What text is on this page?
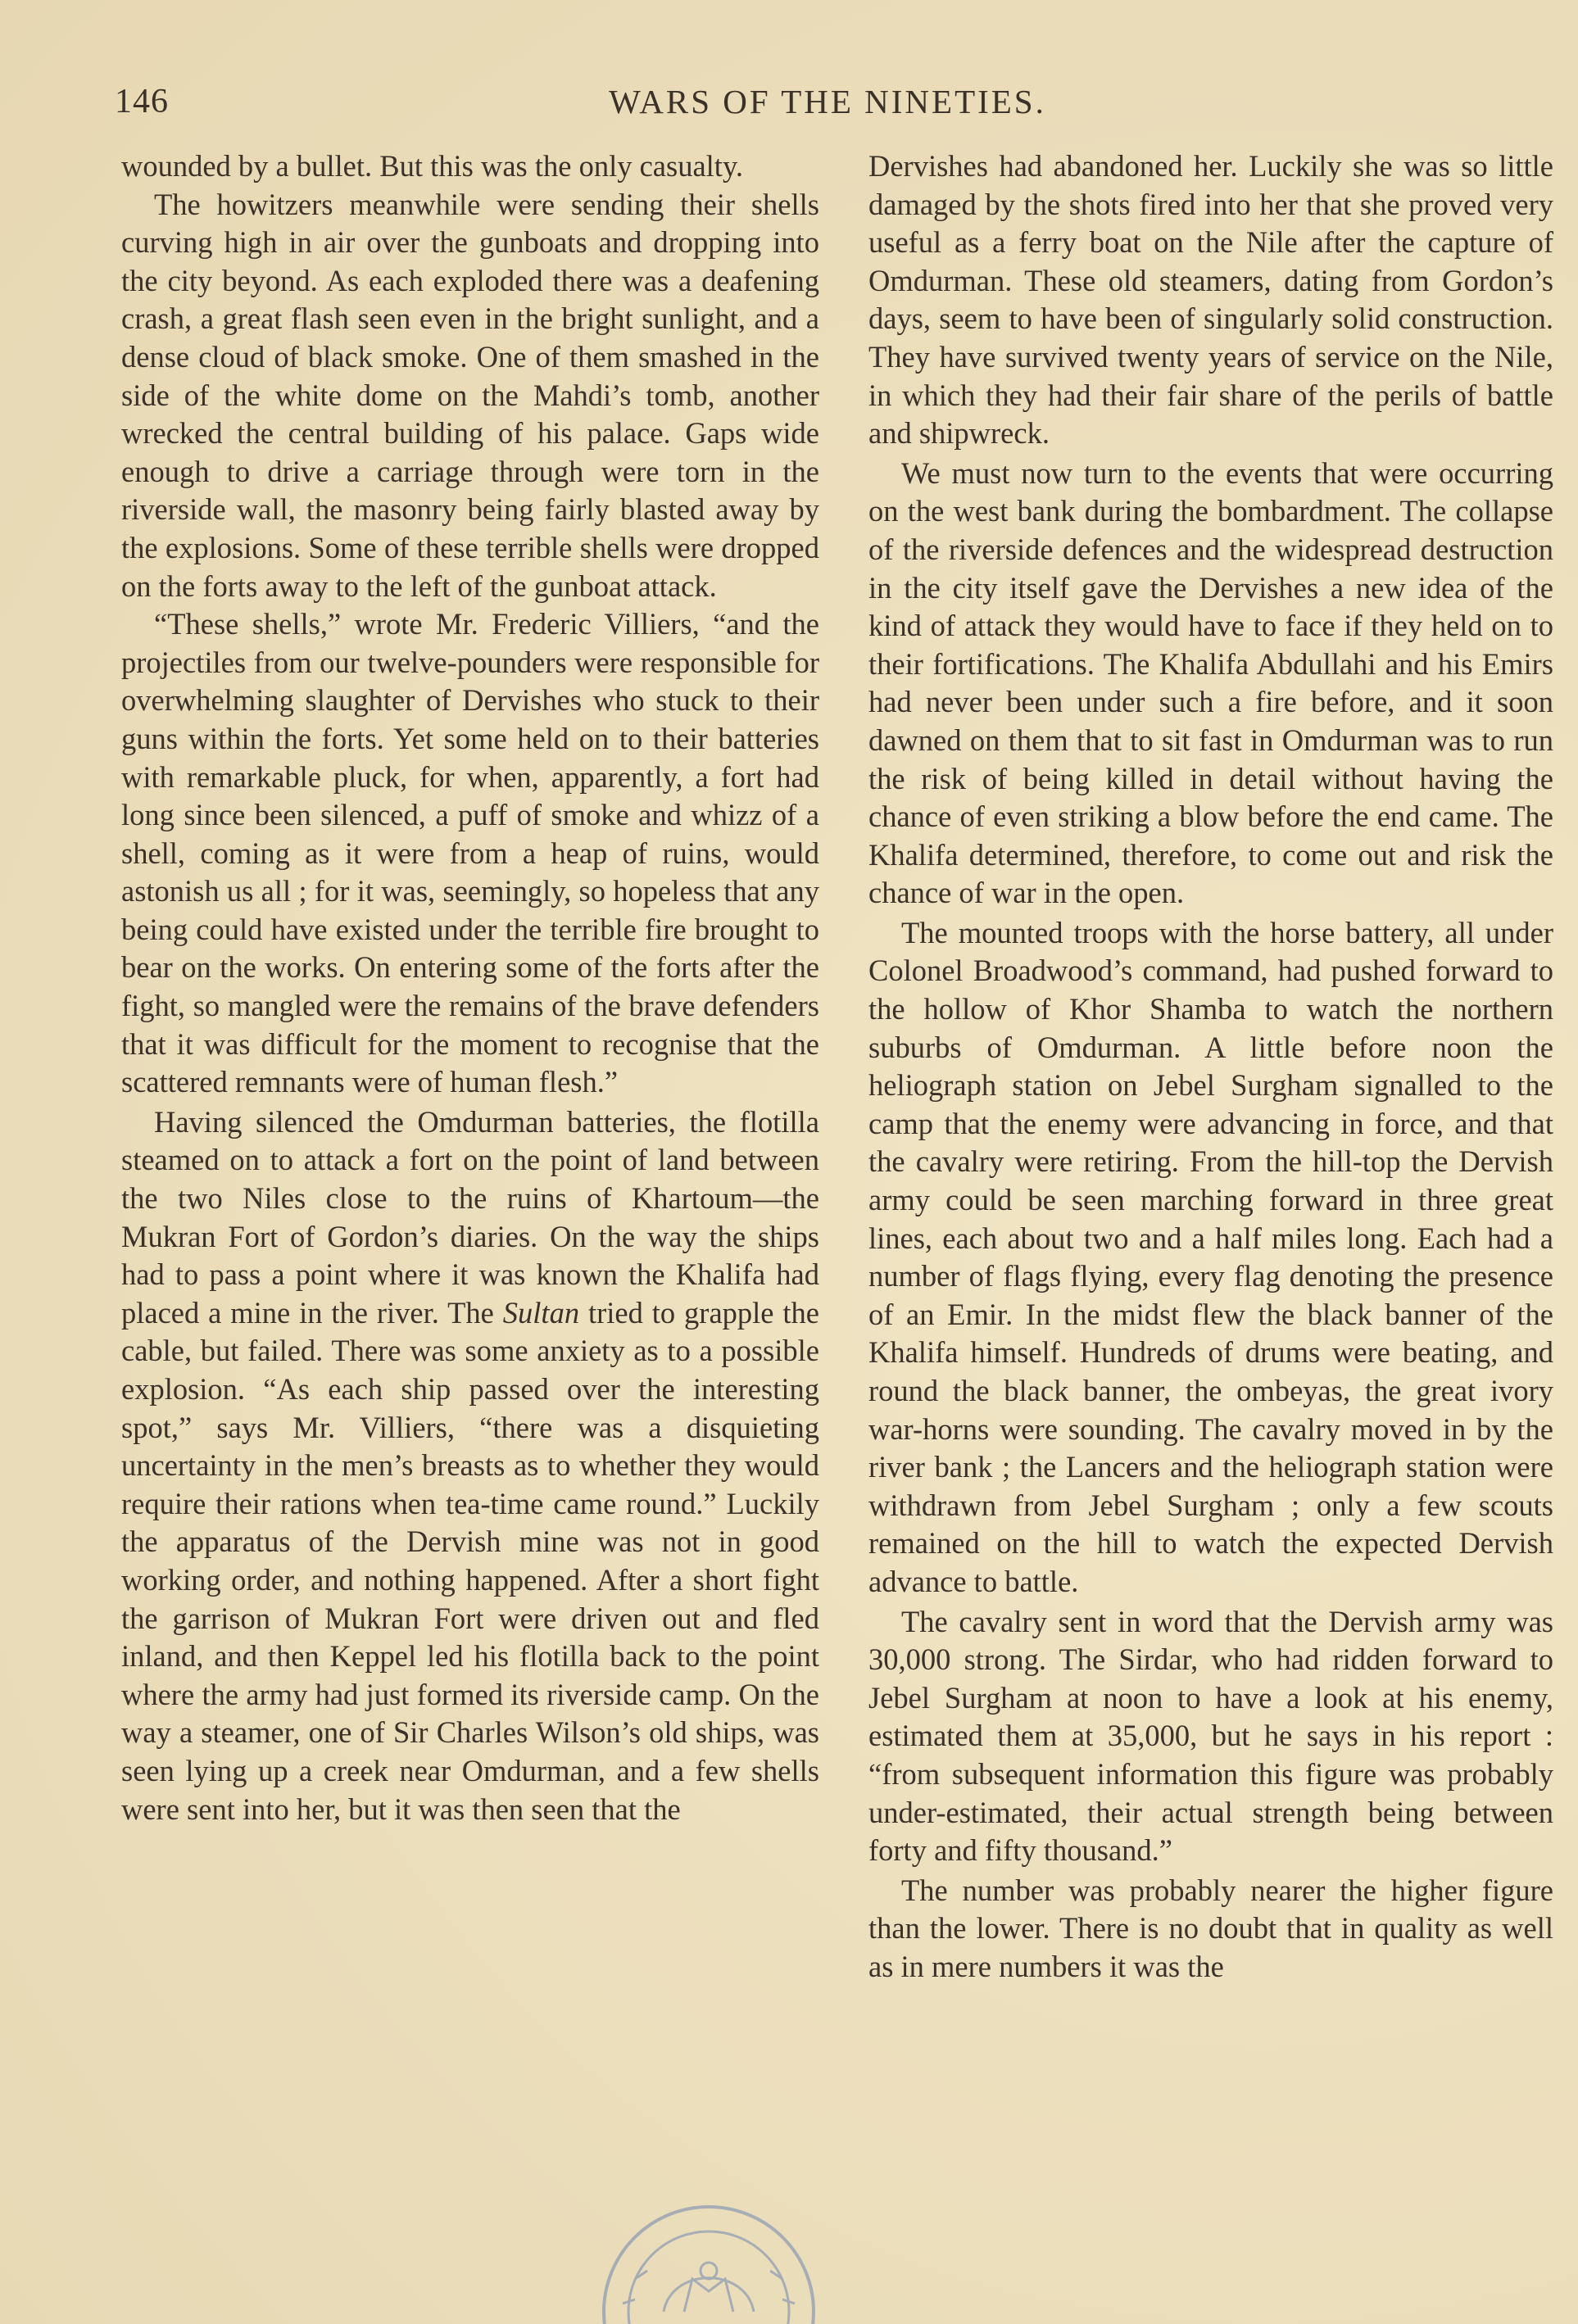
146	WARS OF THE NINETIES.

wounded by a bullet. But this was the only casualty.

The howitzers meanwhile were sending their shells curving high in air over the gunboats and dropping into the city beyond. As each exploded there was a deafening crash, a great flash seen even in the bright sunlight, and a dense cloud of black smoke. One of them smashed in the side of the white dome on the Mahdi’s tomb, another wrecked the central building of his palace. Gaps wide enough to drive a carriage through were torn in the riverside wall, the masonry being fairly blasted away by the explosions. Some of these terrible shells were dropped on the forts away to the left of the gunboat attack.

“These shells,” wrote Mr. Frederic Villiers, “and the projectiles from our twelve-pounders were responsible for overwhelming slaughter of Dervishes who stuck to their guns within the forts. Yet some held on to their batteries with remarkable pluck, for when, apparently, a fort had long since been silenced, a puff of smoke and whizz of a shell, coming as it were from a heap of ruins, would astonish us all ; for it was, seemingly, so hopeless that any being could have existed under the terrible fire brought to bear on the works. On entering some of the forts after the fight, so mangled were the remains of the brave defenders that it was difficult for the moment to recognise that the scattered remnants were of human flesh.”

Having silenced the Omdurman batteries, the flotilla steamed on to attack a fort on the point of land between the two Niles close to the ruins of Khartoum—the Mukran Fort of Gordon’s diaries. On the way the ships had to pass a point where it was known the Khalifa had placed a mine in the river. The Sultan tried to grapple the cable, but failed. There was some anxiety as to a possible explosion. “As each ship passed over the interesting spot,” says Mr. Villiers, “there was a disquieting uncertainty in the men’s breasts as to whether they would require their rations when tea-time came round.” Luckily the apparatus of the Dervish mine was not in good working order, and nothing happened. After a short fight the garrison of Mukran Fort were driven out and fled inland, and then Keppel led his flotilla back to the point where the army had just formed its riverside camp. On the way a steamer, one of Sir Charles Wilson’s old ships, was seen lying up a creek near Omdurman, and a few shells were sent into her, but it was then seen that the

Dervishes had abandoned her. Luckily she was so little damaged by the shots fired into her that she proved very useful as a ferry boat on the Nile after the capture of Omdurman. These old steamers, dating from Gordon’s days, seem to have been of singularly solid construction. They have survived twenty years of service on the Nile, in which they had their fair share of the perils of battle and shipwreck.

We must now turn to the events that were occurring on the west bank during the bombardment. The collapse of the riverside defences and the widespread destruction in the city itself gave the Dervishes a new idea of the kind of attack they would have to face if they held on to their fortifications. The Khalifa Abdullahi and his Emirs had never been under such a fire before, and it soon dawned on them that to sit fast in Omdurman was to run the risk of being killed in detail without having the chance of even striking a blow before the end came. The Khalifa determined, therefore, to come out and risk the chance of war in the open.

The mounted troops with the horse battery, all under Colonel Broadwood’s command, had pushed forward to the hollow of Khor Shamba to watch the northern suburbs of Omdurman. A little before noon the heliograph station on Jebel Surgham signalled to the camp that the enemy were advancing in force, and that the cavalry were retiring. From the hill-top the Dervish army could be seen marching forward in three great lines, each about two and a half miles long. Each had a number of flags flying, every flag denoting the presence of an Emir. In the midst flew the black banner of the Khalifa himself. Hundreds of drums were beating, and round the black banner, the ombeyas, the great ivory war-horns were sounding. The cavalry moved in by the river bank ; the Lancers and the heliograph station were withdrawn from Jebel Surgham ; only a few scouts remained on the hill to watch the expected Dervish advance to battle.

The cavalry sent in word that the Dervish army was 30,000 strong. The Sirdar, who had ridden forward to Jebel Surgham at noon to have a look at his enemy, estimated them at 35,000, but he says in his report : “from subsequent information this figure was probably under-estimated, their actual strength being between forty and fifty thousand.”

The number was probably nearer the higher figure than the lower. There is no doubt that in quality as well as in mere numbers it was the
